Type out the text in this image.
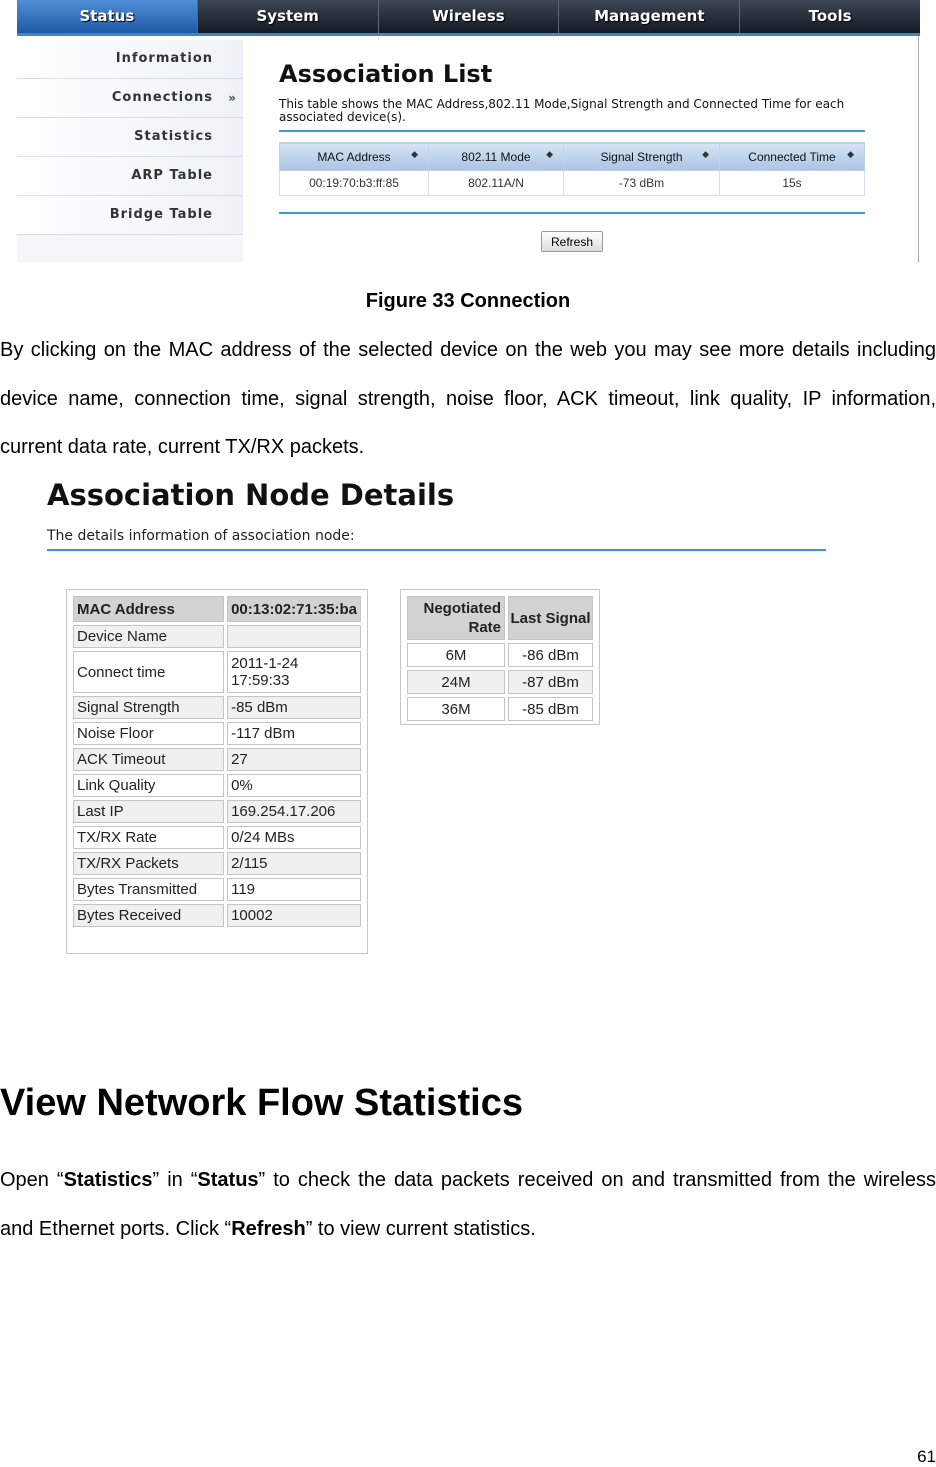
Status	System	Wireless	Management	Tools
Information
Connections »
Statistics
ARP Table
Bridge Table
Association List
This table shows the MAC Address,802.11 Mode,Signal Strength and Connected Time for each associated device(s).
MAC Address ◆	802.11 Mode ◆	Signal Strength ◆	Connected Time ◆

00:19:70:b3:ff:85	802.11A/N	-73 dBm	15s
Refresh
Figure 33 Connection
By clicking on the MAC address of the selected device on the web you may see more details including
device name, connection time, signal strength, noise floor, ACK timeout, link quality, IP information,
current data rate, current TX/RX packets.
Association Node Details
The details information of association node:
MAC Address	00:13:02:71:35:ba
Device Name	
Connect time	2011-1-24 17:59:33
Signal Strength	-85 dBm
Noise Floor	-117 dBm
ACK Timeout	27
Link Quality	0%
Last IP	169.254.17.206
TX/RX Rate	0/24 MBs
TX/RX Packets	2/115
Bytes Transmitted	119
Bytes Received	10002
Negotiated Rate	Last Signal
6M	-86 dBm
24M	-87 dBm
36M	-85 dBm
View Network Flow Statistics
Open “Statistics” in “Status” to check the data packets received on and transmitted from the wireless
and Ethernet ports. Click “Refresh” to view current statistics.
61
